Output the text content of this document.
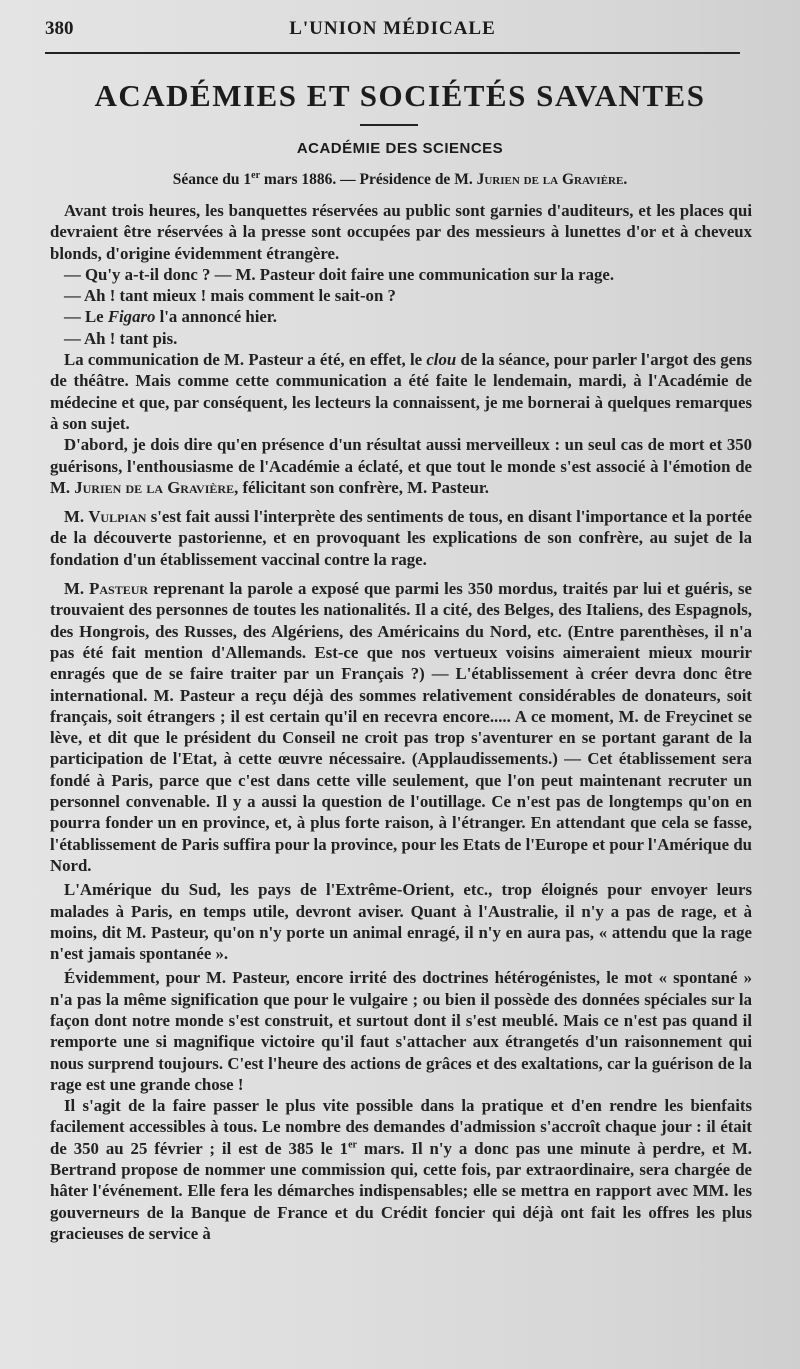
L'UNION MÉDICALE
380
ACADÉMIES ET SOCIÉTÉS SAVANTES
ACADÉMIE DES SCIENCES
Séance du 1er mars 1886. — Présidence de M. Jurien de la Gravière.

Avant trois heures, les banquettes réservées au public sont garnies d'auditeurs, et les places qui devraient être réservées à la presse sont occupées par des messieurs à lunettes d'or et à cheveux blonds, d'origine évidemment étrangère.

— Qu'y a-t-il donc ? — M. Pasteur doit faire une communication sur la rage.

— Ah ! tant mieux ! mais comment le sait-on ?

— Le Figaro l'a annoncé hier.

— Ah ! tant pis.

La communication de M. Pasteur a été, en effet, le clou de la séance, pour parler l'argot des gens de théâtre. Mais comme cette communication a été faite le lendemain, mardi, à l'Académie de médecine et que, par conséquent, les lecteurs la connaissent, je me bornerai à quelques remarques à son sujet.

D'abord, je dois dire qu'en présence d'un résultat aussi merveilleux : un seul cas de mort et 350 guérisons, l'enthousiasme de l'Académie a éclaté, et que tout le monde s'est associé à l'émotion de M. Jurien de la Gravière, félicitant son confrère, M. Pasteur.

M. Vulpian s'est fait aussi l'interprète des sentiments de tous, en disant l'importance et la portée de la découverte pastorienne, et en provoquant les explications de son confrère, au sujet de la fondation d'un établissement vaccinal contre la rage.

M. Pasteur reprenant la parole a exposé que parmi les 350 mordus, traités par lui et guéris, se trouvaient des personnes de toutes les nationalités. Il a cité, des Belges, des Italiens, des Espagnols, des Hongrois, des Russes, des Algériens, des Américains du Nord, etc. (Entre parenthèses, il n'a pas été fait mention d'Allemands. Est-ce que nos vertueux voisins aimeraient mieux mourir enragés que de se faire traiter par un Français ?) — L'établissement à créer devra donc être international. M. Pasteur a reçu déjà des sommes relativement considérables de donateurs, soit français, soit étrangers ; il est certain qu'il en recevra encore..... A ce moment, M. de Freycinet se lève, et dit que le président du Conseil ne croit pas trop s'aventurer en se portant garant de la participation de l'Etat, à cette œuvre nécessaire. (Applaudissements.) — Cet établissement sera fondé à Paris, parce que c'est dans cette ville seulement, que l'on peut maintenant recruter un personnel convenable. Il y a aussi la question de l'outillage. Ce n'est pas de longtemps qu'on en pourra fonder un en province, et, à plus forte raison, à l'étranger. En attendant que cela se fasse, l'établissement de Paris suffira pour la province, pour les Etats de l'Europe et pour l'Amérique du Nord.

L'Amérique du Sud, les pays de l'Extrême-Orient, etc., trop éloignés pour envoyer leurs malades à Paris, en temps utile, devront aviser. Quant à l'Australie, il n'y a pas de rage, et à moins, dit M. Pasteur, qu'on n'y porte un animal enragé, il n'y en aura pas, « attendu que la rage n'est jamais spontanée ».

Évidemment, pour M. Pasteur, encore irrité des doctrines hétérogénistes, le mot « spontané » n'a pas la même signification que pour le vulgaire ; ou bien il possède des données spéciales sur la façon dont notre monde s'est construit, et surtout dont il s'est meublé. Mais ce n'est pas quand il remporte une si magnifique victoire qu'il faut s'attacher aux étrangetés d'un raisonnement qui nous surprend toujours. C'est l'heure des actions de grâces et des exaltations, car la guérison de la rage est une grande chose !

Il s'agit de la faire passer le plus vite possible dans la pratique et d'en rendre les bienfaits facilement accessibles à tous. Le nombre des demandes d'admission s'accroît chaque jour : il était de 350 au 25 février ; il est de 385 le 1er mars. Il n'y a donc pas une minute à perdre, et M. Bertrand propose de nommer une commission qui, cette fois, par extraordinaire, sera chargée de hâter l'événement. Elle fera les démarches indispensables; elle se mettra en rapport avec MM. les gouverneurs de la Banque de France et du Crédit foncier qui déjà ont fait les offres les plus gracieuses de service à
